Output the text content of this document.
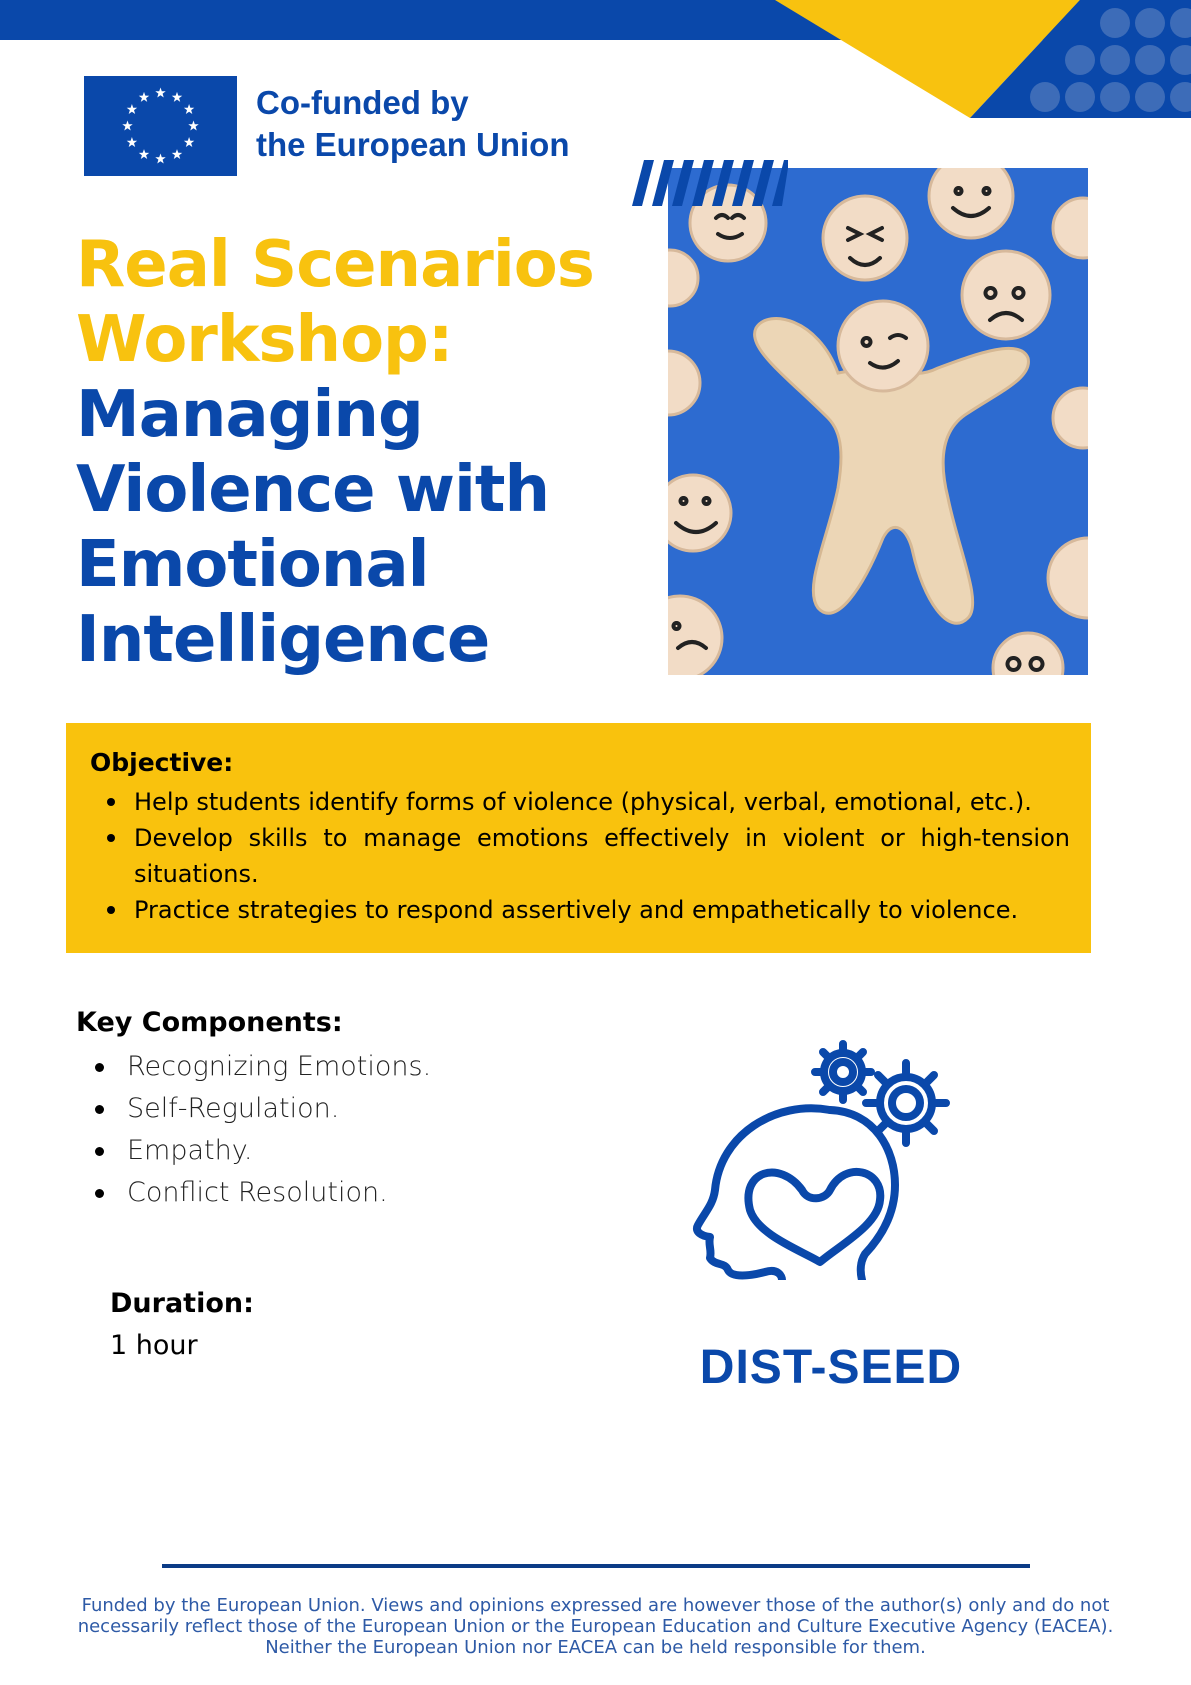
Co-funded by
the European Union
Real Scenarios
Workshop:
Managing
Violence with
Emotional
Intelligence
Objective:
Help students identify forms of violence (physical, verbal, emotional, etc.).
Develop skills to manage emotions effectively in violent or high-tension situations.
Practice strategies to respond assertively and empathetically to violence.
Key Components:
Recognizing Emotions.
Self-Regulation.
Empathy.
Conflict Resolution.
Duration:
1 hour	DIST-SEED
Funded by the European Union. Views and opinions expressed are however those of the author(s) only and do not necessarily reflect those of the European Union or the European Education and Culture Executive Agency (EACEA). Neither the European Union nor EACEA can be held responsible for them.
